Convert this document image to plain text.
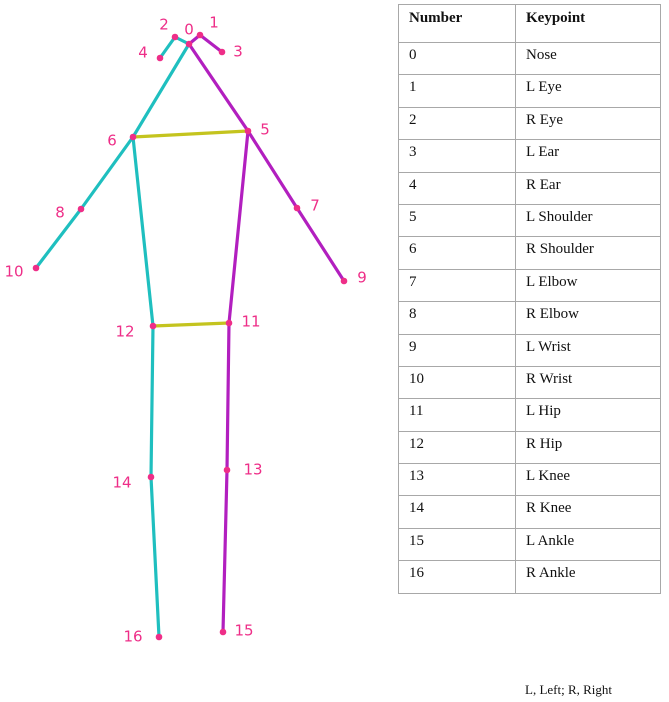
0 1
2
3
4
5
6
7
8
9
10
11
12
13
14
15
16
Number	Keypoint
0	Nose
1	L Eye
2	R Eye
3	L Ear
4	R Ear
5	L Shoulder
6	R Shoulder
7	L Elbow
8	R Elbow
9	L Wrist
10	R Wrist
11	L Hip
12	R Hip
13	L Knee
14	R Knee
15	L Ankle
16	R Ankle
L, Left; R, Right
